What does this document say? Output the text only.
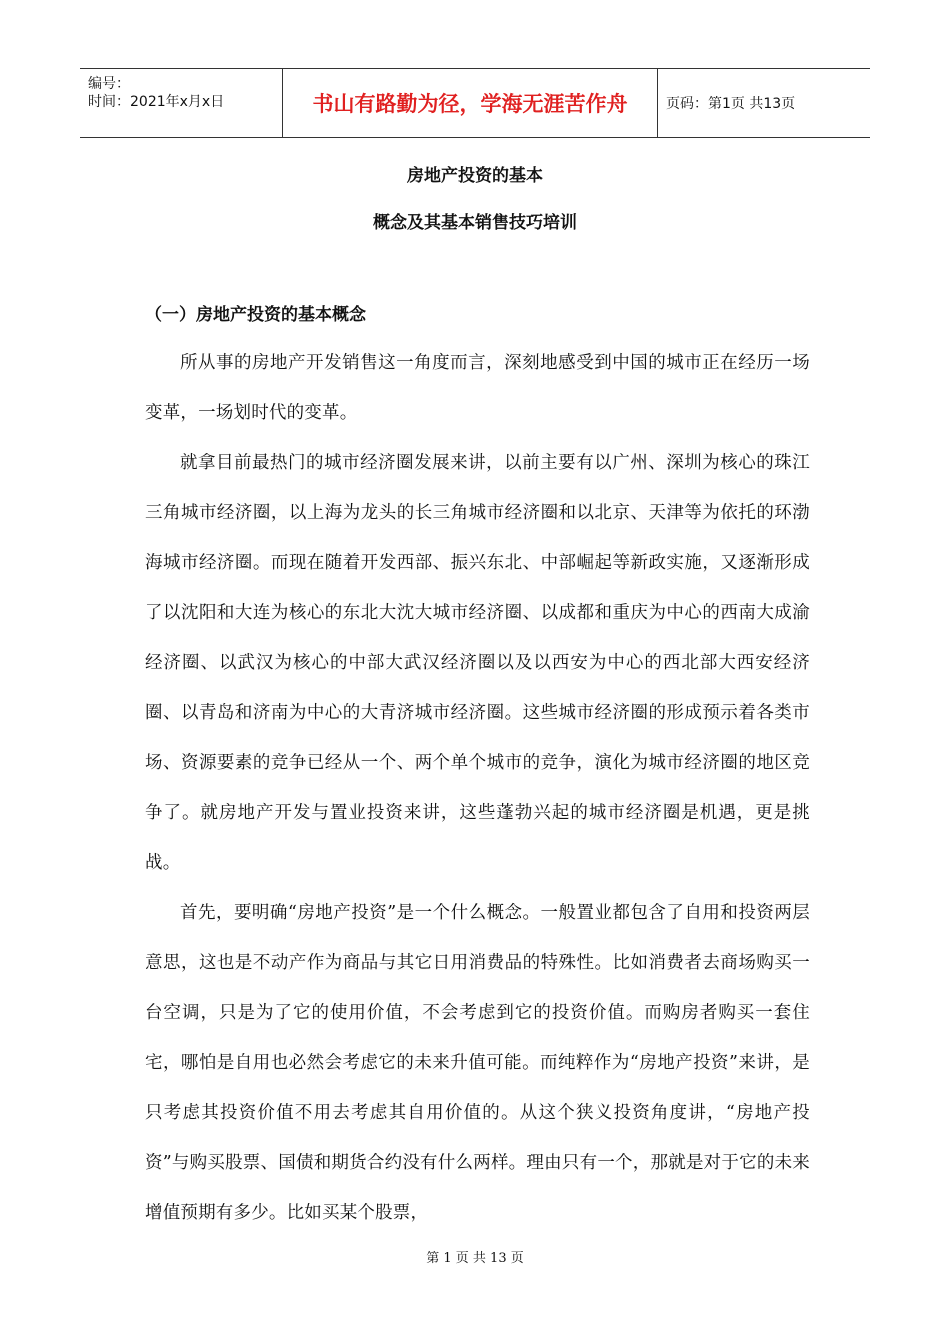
编号：
时间：2021年x月x日	书山有路勤为径，学海无涯苦作舟	页码：第1页 共13页
房地产投资的基本
概念及其基本销售技巧培训
（一）房地产投资的基本概念

所从事的房地产开发销售这一角度而言，深刻地感受到中国的城市正在经历一场变革，一场划时代的变革。

就拿目前最热门的城市经济圈发展来讲，以前主要有以广州、深圳为核心的珠江三角城市经济圈，以上海为龙头的长三角城市经济圈和以北京、天津等为依托的环渤海城市经济圈。而现在随着开发西部、振兴东北、中部崛起等新政实施，又逐渐形成了以沈阳和大连为核心的东北大沈大城市经济圈、以成都和重庆为中心的西南大成渝经济圈、以武汉为核心的中部大武汉经济圈以及以西安为中心的西北部大西安经济圈、以青岛和济南为中心的大青济城市经济圈。这些城市经济圈的形成预示着各类市场、资源要素的竞争已经从一个、两个单个城市的竞争，演化为城市经济圈的地区竞争了。就房地产开发与置业投资来讲，这些蓬勃兴起的城市经济圈是机遇，更是挑战。

首先，要明确“房地产投资”是一个什么概念。一般置业都包含了自用和投资两层意思，这也是不动产作为商品与其它日用消费品的特殊性。比如消费者去商场购买一台空调，只是为了它的使用价值，不会考虑到它的投资价值。而购房者购买一套住宅，哪怕是自用也必然会考虑它的未来升值可能。而纯粹作为“房地产投资”来讲，是只考虑其投资价值不用去考虑其自用价值的。从这个狭义投资角度讲，“房地产投资”与购买股票、国债和期货合约没有什么两样。理由只有一个，那就是对于它的未来增值预期有多少。比如买某个股票，

第 1 页 共 13 页
